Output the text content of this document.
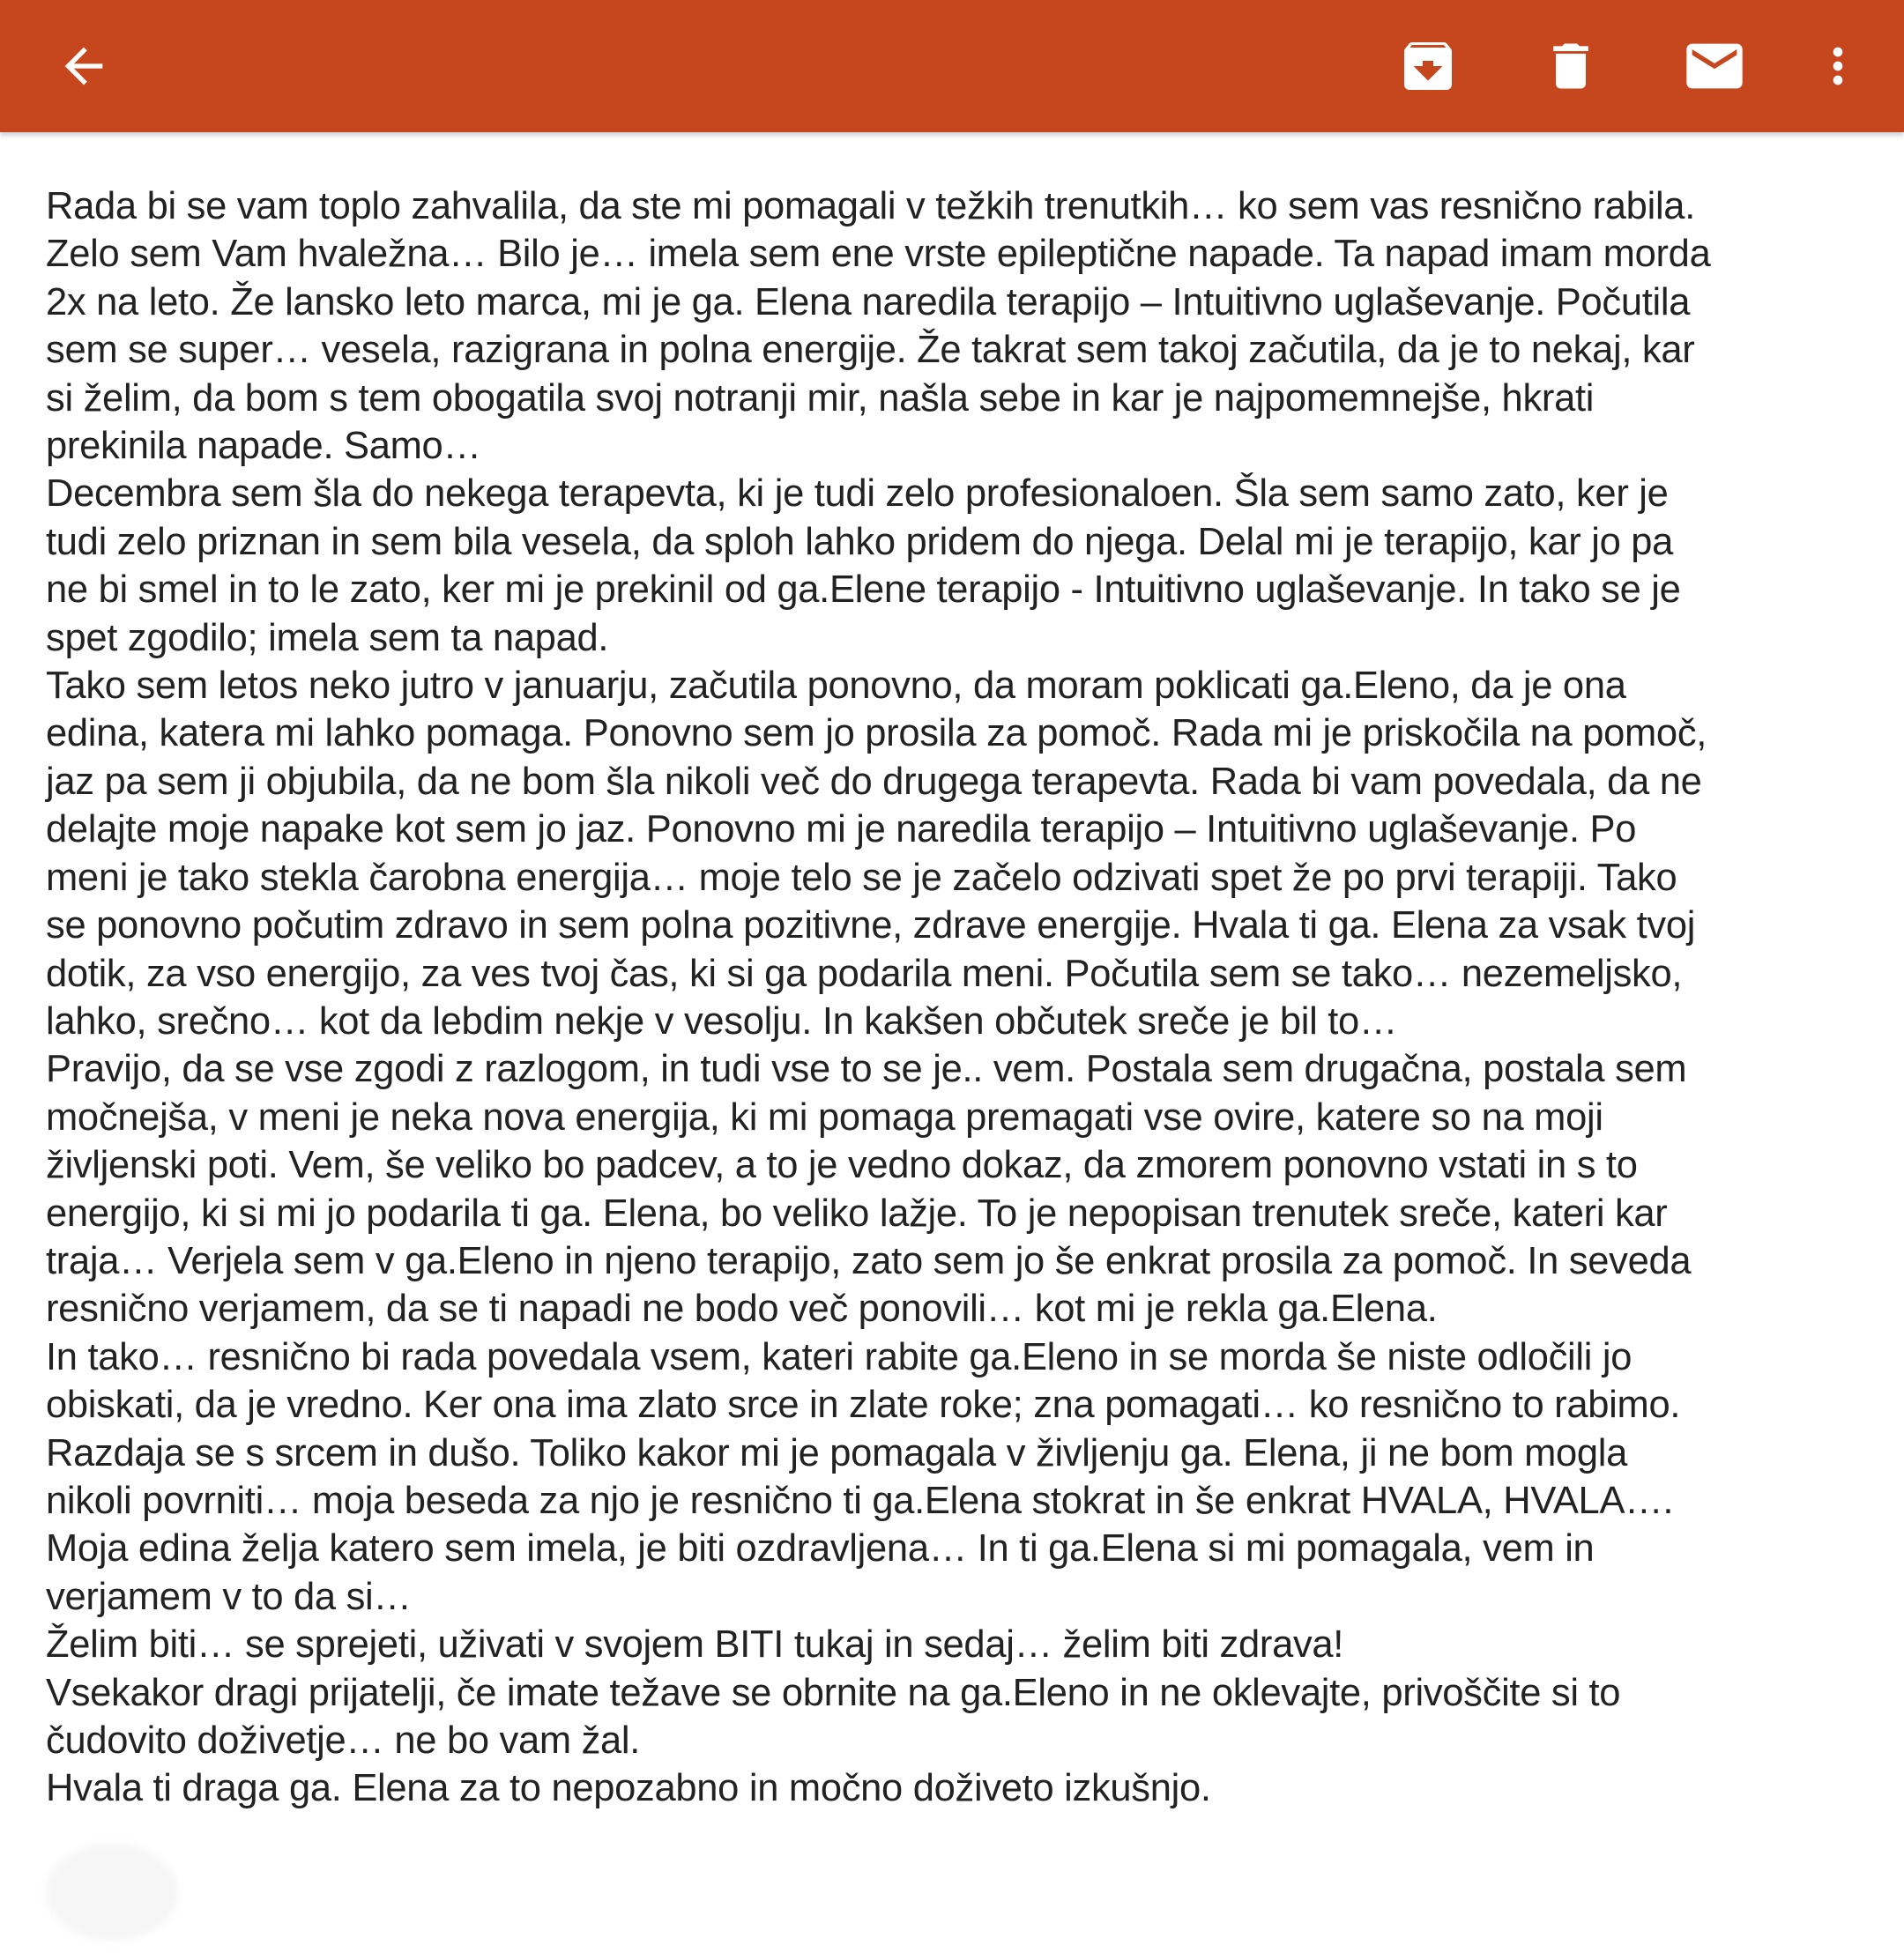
Rada bi se vam toplo zahvalila, da ste mi pomagali v težkih trenutkih… ko sem vas resnično rabila.
Zelo sem Vam hvaležna… Bilo je… imela sem ene vrste epileptične napade. Ta napad imam morda
2x na leto. Že lansko leto marca, mi je ga. Elena naredila terapijo – Intuitivno uglaševanje. Počutila
sem se super… vesela, razigrana in polna energije. Že takrat sem takoj začutila, da je to nekaj, kar
si želim, da bom s tem obogatila svoj notranji mir, našla sebe in kar je najpomemnejše, hkrati
prekinila napade. Samo…
Decembra sem šla do nekega terapevta, ki je tudi zelo profesionaloen. Šla sem samo zato, ker je
tudi zelo priznan in sem bila vesela, da sploh lahko pridem do njega. Delal mi je terapijo, kar jo pa
ne bi smel in to le zato, ker mi je prekinil od ga.Elene terapijo - Intuitivno uglaševanje. In tako se je
spet zgodilo; imela sem ta napad.
Tako sem letos neko jutro v januarju, začutila ponovno, da moram poklicati ga.Eleno, da je ona
edina, katera mi lahko pomaga. Ponovno sem jo prosila za pomoč. Rada mi je priskočila na pomoč,
jaz pa sem ji objubila, da ne bom šla nikoli več do drugega terapevta. Rada bi vam povedala, da ne
delajte moje napake kot sem jo jaz. Ponovno mi je naredila terapijo – Intuitivno uglaševanje. Po
meni je tako stekla čarobna energija… moje telo se je začelo odzivati spet že po prvi terapiji. Tako
se ponovno počutim zdravo in sem polna pozitivne, zdrave energije. Hvala ti ga. Elena za vsak tvoj
dotik, za vso energijo, za ves tvoj čas, ki si ga podarila meni. Počutila sem se tako… nezemeljsko,
lahko, srečno… kot da lebdim nekje v vesolju. In kakšen občutek sreče je bil to…
Pravijo, da se vse zgodi z razlogom, in tudi vse to se je.. vem. Postala sem drugačna, postala sem
močnejša, v meni je neka nova energija, ki mi pomaga premagati vse ovire, katere so na moji
življenski poti. Vem, še veliko bo padcev, a to je vedno dokaz, da zmorem ponovno vstati in s to
energijo, ki si mi jo podarila ti ga. Elena, bo veliko lažje. To je nepopisan trenutek sreče, kateri kar
traja… Verjela sem v ga.Eleno in njeno terapijo, zato sem jo še enkrat prosila za pomoč. In seveda
resnično verjamem, da se ti napadi ne bodo več ponovili… kot mi je rekla ga.Elena.
In tako… resnično bi rada povedala vsem, kateri rabite ga.Eleno in se morda še niste odločili jo
obiskati, da je vredno. Ker ona ima zlato srce in zlate roke; zna pomagati… ko resnično to rabimo.
Razdaja se s srcem in dušo. Toliko kakor mi je pomagala v življenju ga. Elena, ji ne bom mogla
nikoli povrniti… moja beseda za njo je resnično ti ga.Elena stokrat in še enkrat HVALA, HVALA….
Moja edina želja katero sem imela, je biti ozdravljena… In ti ga.Elena si mi pomagala, vem in
verjamem v to da si…
Želim biti… se sprejeti, uživati v svojem BITI tukaj in sedaj… želim biti zdrava!
Vsekakor dragi prijatelji, če imate težave se obrnite na ga.Eleno in ne oklevajte, privoščite si to
čudovito doživetje… ne bo vam žal.
Hvala ti draga ga. Elena za to nepozabno in močno doživeto izkušnjo.
